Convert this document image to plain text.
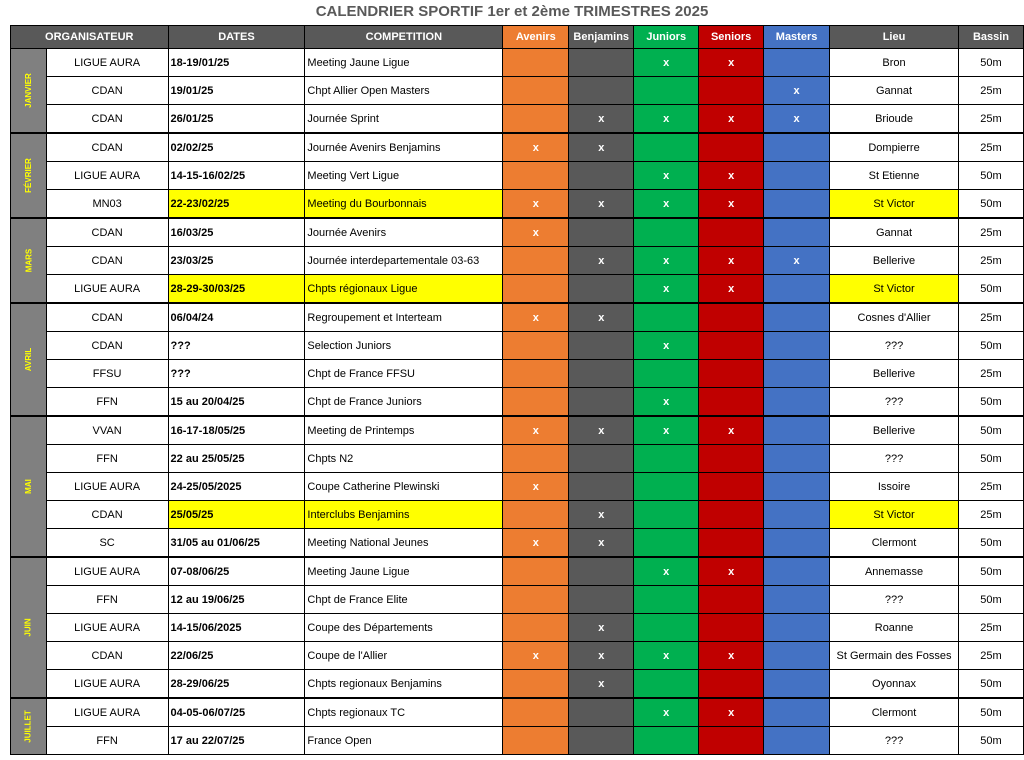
CALENDRIER SPORTIF 1er et 2ème TRIMESTRES 2025
ORGANISATEUR		DATES	COMPETITION	Avenirs	Benjamins	Juniors	Seniors	Masters	Lieu	Bassin
JANVIER	LIGUE AURA	18-19/01/25	Meeting Jaune Ligue			x	x		Bron	50m
	CDAN	19/01/25	Chpt Allier Open Masters					x	Gannat	25m
	CDAN	26/01/25	Journée Sprint		x	x	x	x	Brioude	25m
FÉVRIER	CDAN	02/02/25	Journée Avenirs Benjamins	x	x				Dompierre	25m
	LIGUE AURA	14-15-16/02/25	Meeting Vert Ligue			x	x		St Etienne	50m
	MN03	22-23/02/25	Meeting du Bourbonnais	x	x	x	x		St Victor	50m
MARS	CDAN	16/03/25	Journée Avenirs	x					Gannat	25m
	CDAN	23/03/25	Journée interdepartementale 03-63		x	x	x	x	Bellerive	25m
	LIGUE AURA	28-29-30/03/25	Chpts régionaux Ligue			x	x		St Victor	50m
AVRIL	CDAN	06/04/24	Regroupement et Interteam	x	x				Cosnes d'Allier	25m
	CDAN	???	Selection Juniors			x			???	50m
	FFSU	???	Chpt de France FFSU						Bellerive	25m
	FFN	15 au 20/04/25	Chpt de France Juniors			x			???	50m
MAI	VVAN	16-17-18/05/25	Meeting de Printemps	x	x	x	x		Bellerive	50m
	FFN	22 au 25/05/25	Chpts N2						???	50m
	LIGUE AURA	24-25/05/2025	Coupe Catherine Plewinski	x					Issoire	25m
	CDAN	25/05/25	Interclubs Benjamins		x				St Victor	25m
	SC	31/05 au 01/06/25	Meeting National Jeunes	x	x				Clermont	50m
JUIN	LIGUE AURA	07-08/06/25	Meeting Jaune Ligue			x	x		Annemasse	50m
	FFN	12 au 19/06/25	Chpt de France Elite						???	50m
	LIGUE AURA	14-15/06/2025	Coupe des Départements		x				Roanne	25m
	CDAN	22/06/25	Coupe de l'Allier	x	x	x	x		St Germain des Fosses	25m
	LIGUE AURA	28-29/06/25	Chpts regionaux Benjamins		x				Oyonnax	50m
JUILLET	LIGUE AURA	04-05-06/07/25	Chpts regionaux TC			x	x		Clermont	50m
	FFN	17 au 22/07/25	France Open						???	50m
